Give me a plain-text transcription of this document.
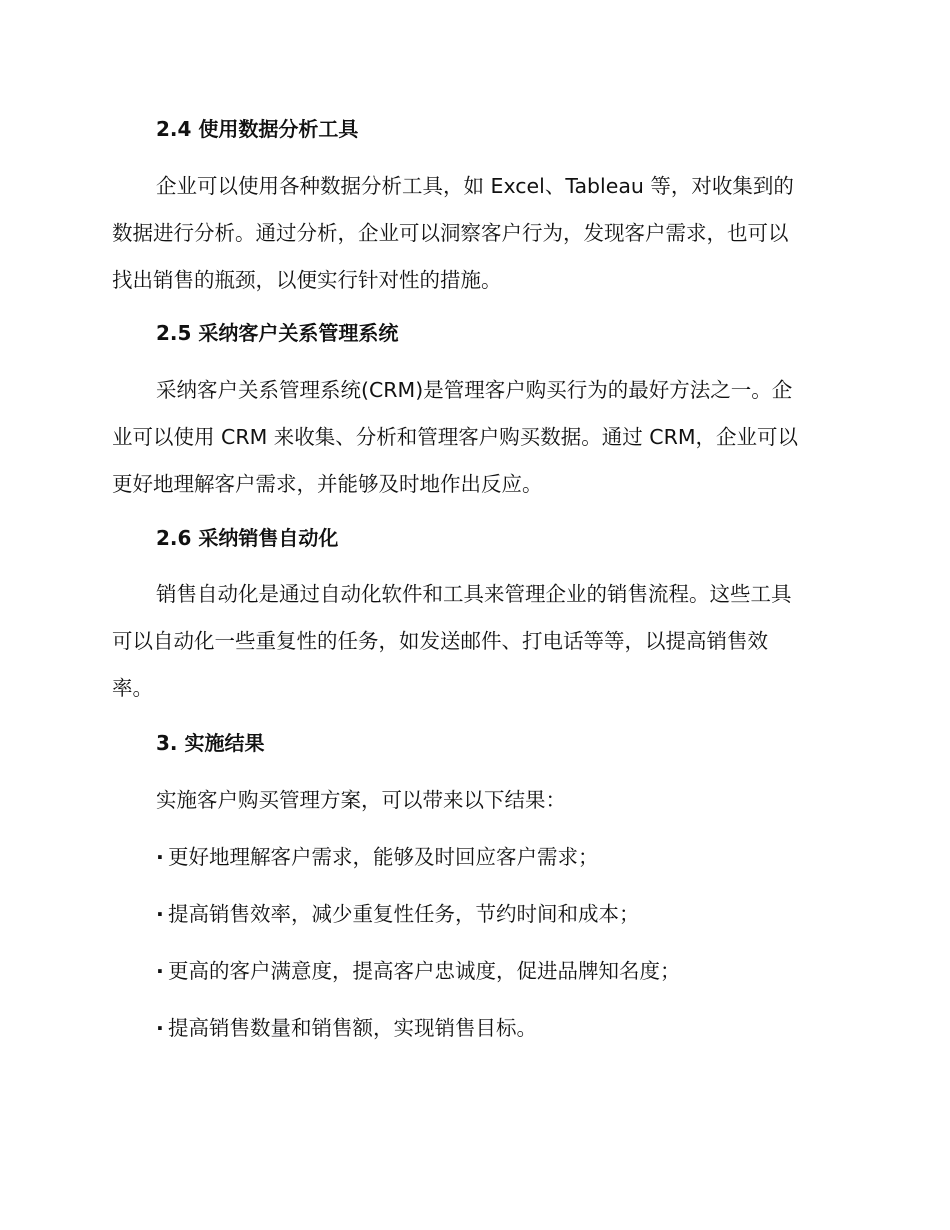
2.4 使用数据分析工具
企业可以使用各种数据分析工具，如 Excel、Tableau 等，对收集到的
数据进行分析。通过分析，企业可以洞察客户行为，发现客户需求，也可以
找出销售的瓶颈，以便实行针对性的措施。
2.5 采纳客户关系管理系统
采纳客户关系管理系统(CRM)是管理客户购买行为的最好方法之一。企
业可以使用 CRM 来收集、分析和管理客户购买数据。通过 CRM，企业可以
更好地理解客户需求，并能够及时地作出反应。
2.6 采纳销售自动化
销售自动化是通过自动化软件和工具来管理企业的销售流程。这些工具
可以自动化一些重复性的任务，如发送邮件、打电话等等，以提高销售效
率。
3. 实施结果
实施客户购买管理方案，可以带来以下结果：
· 更好地理解客户需求，能够及时回应客户需求；
· 提高销售效率，减少重复性任务，节约时间和成本；
· 更高的客户满意度，提高客户忠诚度，促进品牌知名度；
· 提高销售数量和销售额，实现销售目标。
